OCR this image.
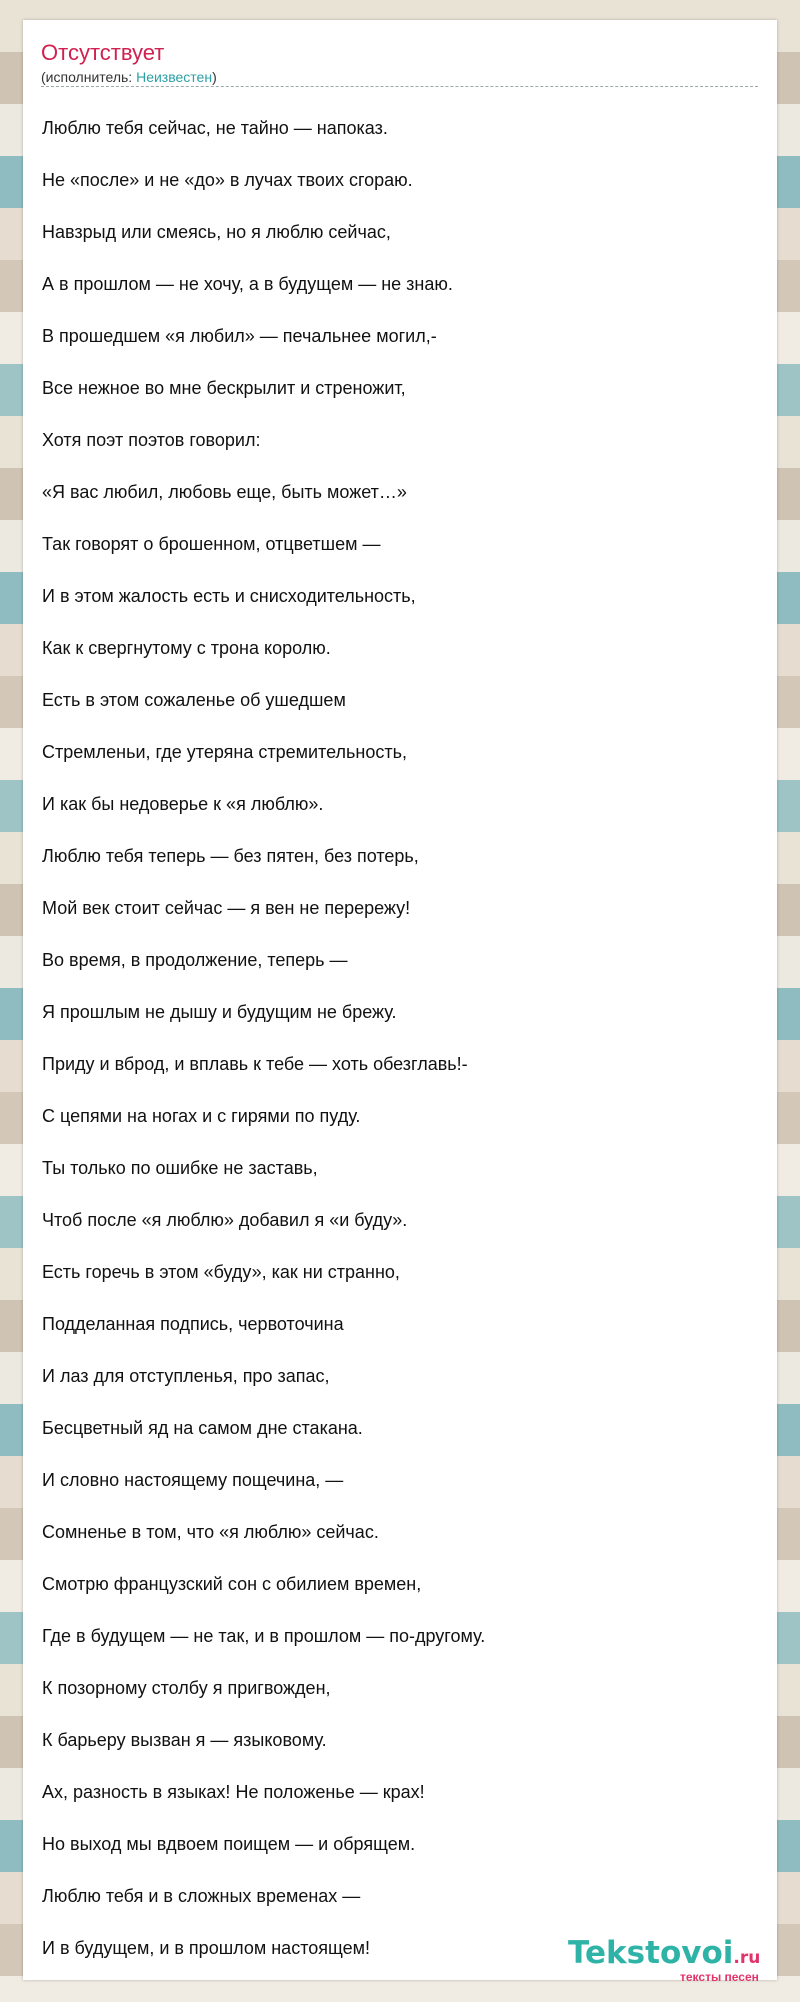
Отсутствует
(исполнитель: Неизвестен)
Люблю тебя сейчас, не тайно — напоказ.
Не «после» и не «до» в лучах твоих сгораю.
Навзрыд или смеясь, но я люблю сейчас,
А в прошлом — не хочу, а в будущем — не знаю.
В прошедшем «я любил» — печальнее могил,-
Все нежное во мне бескрылит и стреножит,
Хотя поэт поэтов говорил:
«Я вас любил, любовь еще, быть может…»
Так говорят о брошенном, отцветшем —
И в этом жалость есть и снисходительность,
Как к свергнутому с трона королю.
Есть в этом сожаленье об ушедшем
Стремленьи, где утеряна стремительность,
И как бы недоверье к «я люблю».
Люблю тебя теперь — без пятен, без потерь,
Мой век стоит сейчас — я вен не перережу!
Во время, в продолжение, теперь —
Я прошлым не дышу и будущим не брежу.
Приду и вброд, и вплавь к тебе — хоть обезглавь!-
С цепями на ногах и с гирями по пуду.
Ты только по ошибке не заставь,
Чтоб после «я люблю» добавил я «и буду».
Есть горечь в этом «буду», как ни странно,
Подделанная подпись, червоточина
И лаз для отступленья, про запас,
Бесцветный яд на самом дне стакана.
И словно настоящему пощечина, —
Сомненье в том, что «я люблю» сейчас.
Смотрю французский сон с обилием времен,
Где в будущем — не так, и в прошлом — по-другому.
К позорному столбу я пригвожден,
К барьеру вызван я — языковому.
Ах, разность в языках! Не положенье — крах!
Но выход мы вдвоем поищем — и обрящем.
Люблю тебя и в сложных временах —
И в будущем, и в прошлом настоящем!	Tekstovoi.ru
тексты песен
